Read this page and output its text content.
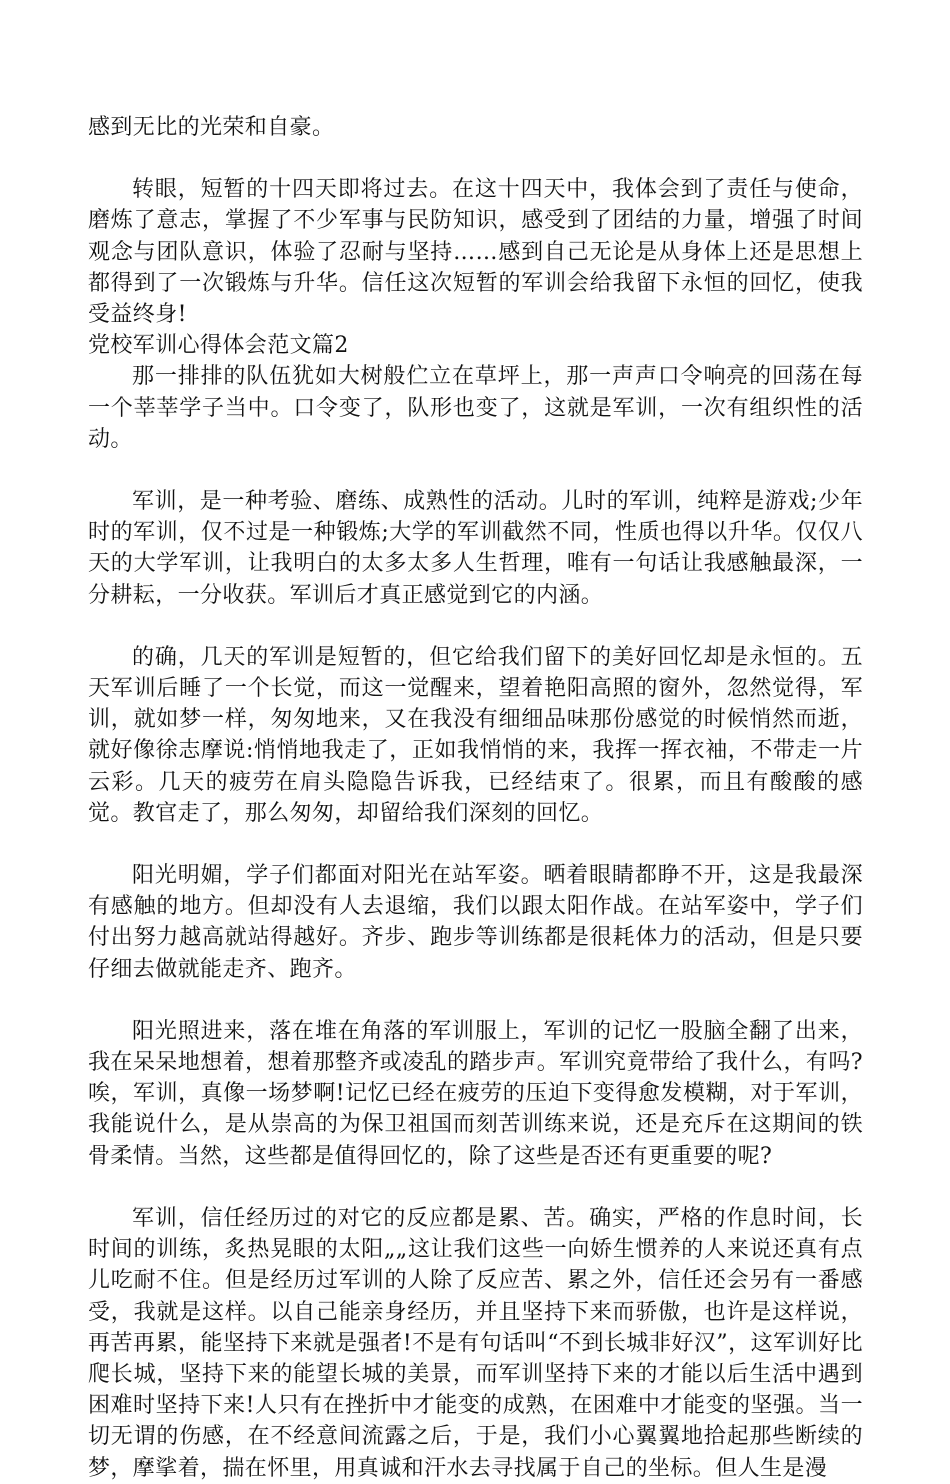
感到无比的光荣和自豪。

转眼，短暂的十四天即将过去。在这十四天中，我体会到了责任与使命，磨炼了意志，掌握了不少军事与民防知识，感受到了团结的力量，增强了时间观念与团队意识，体验了忍耐与坚持……感到自己无论是从身体上还是思想上都得到了一次锻炼与升华。信任这次短暂的军训会给我留下永恒的回忆，使我受益终身!

党校军训心得体会范文篇2

那一排排的队伍犹如大树般伫立在草坪上，那一声声口令响亮的回荡在每一个莘莘学子当中。口令变了，队形也变了，这就是军训，一次有组织性的活动。

军训，是一种考验、磨练、成熟性的活动。儿时的军训，纯粹是游戏;少年时的军训，仅不过是一种锻炼;大学的军训截然不同，性质也得以升华。仅仅八天的大学军训，让我明白的太多太多人生哲理，唯有一句话让我感触最深，一分耕耘，一分收获。军训后才真正感觉到它的内涵。

的确，几天的军训是短暂的，但它给我们留下的美好回忆却是永恒的。五天军训后睡了一个长觉，而这一觉醒来，望着艳阳高照的窗外，忽然觉得，军训，就如梦一样，匆匆地来，又在我没有细细品味那份感觉的时候悄然而逝，就好像徐志摩说:悄悄地我走了，正如我悄悄的来，我挥一挥衣袖，不带走一片云彩。几天的疲劳在肩头隐隐告诉我，已经结束了。很累，而且有酸酸的感觉。教官走了，那么匆匆，却留给我们深刻的回忆。

阳光明媚，学子们都面对阳光在站军姿。晒着眼睛都睁不开，这是我最深有感触的地方。但却没有人去退缩，我们以跟太阳作战。在站军姿中，学子们付出努力越高就站得越好。齐步、跑步等训练都是很耗体力的活动，但是只要仔细去做就能走齐、跑齐。

阳光照进来，落在堆在角落的军训服上，军训的记忆一股脑全翻了出来，我在呆呆地想着，想着那整齐或凌乱的踏步声。军训究竟带给了我什么，有吗?唉，军训，真像一场梦啊!记忆已经在疲劳的压迫下变得愈发模糊，对于军训，我能说什么，是从崇高的为保卫祖国而刻苦训练来说，还是充斥在这期间的铁骨柔情。当然，这些都是值得回忆的，除了这些是否还有更重要的呢?

军训，信任经历过的对它的反应都是累、苦。确实，严格的作息时间，长时间的训练，炙热晃眼的太阳„„这让我们这些一向娇生惯养的人来说还真有点儿吃耐不住。但是经历过军训的人除了反应苦、累之外，信任还会另有一番感受，我就是这样。以自己能亲身经历，并且坚持下来而骄傲，也许是这样说，再苦再累，能坚持下来就是强者!不是有句话叫“不到长城非好汉”，这军训好比爬长城，坚持下来的能望长城的美景，而军训坚持下来的才能以后生活中遇到困难时坚持下来!人只有在挫折中才能变的成熟，在困难中才能变的坚强。当一切无谓的伤感，在不经意间流露之后，于是，我们小心翼翼地拾起那些断续的梦，摩挲着，揣在怀里，用真诚和汗水去寻找属于自己的坐标。但人生是漫
